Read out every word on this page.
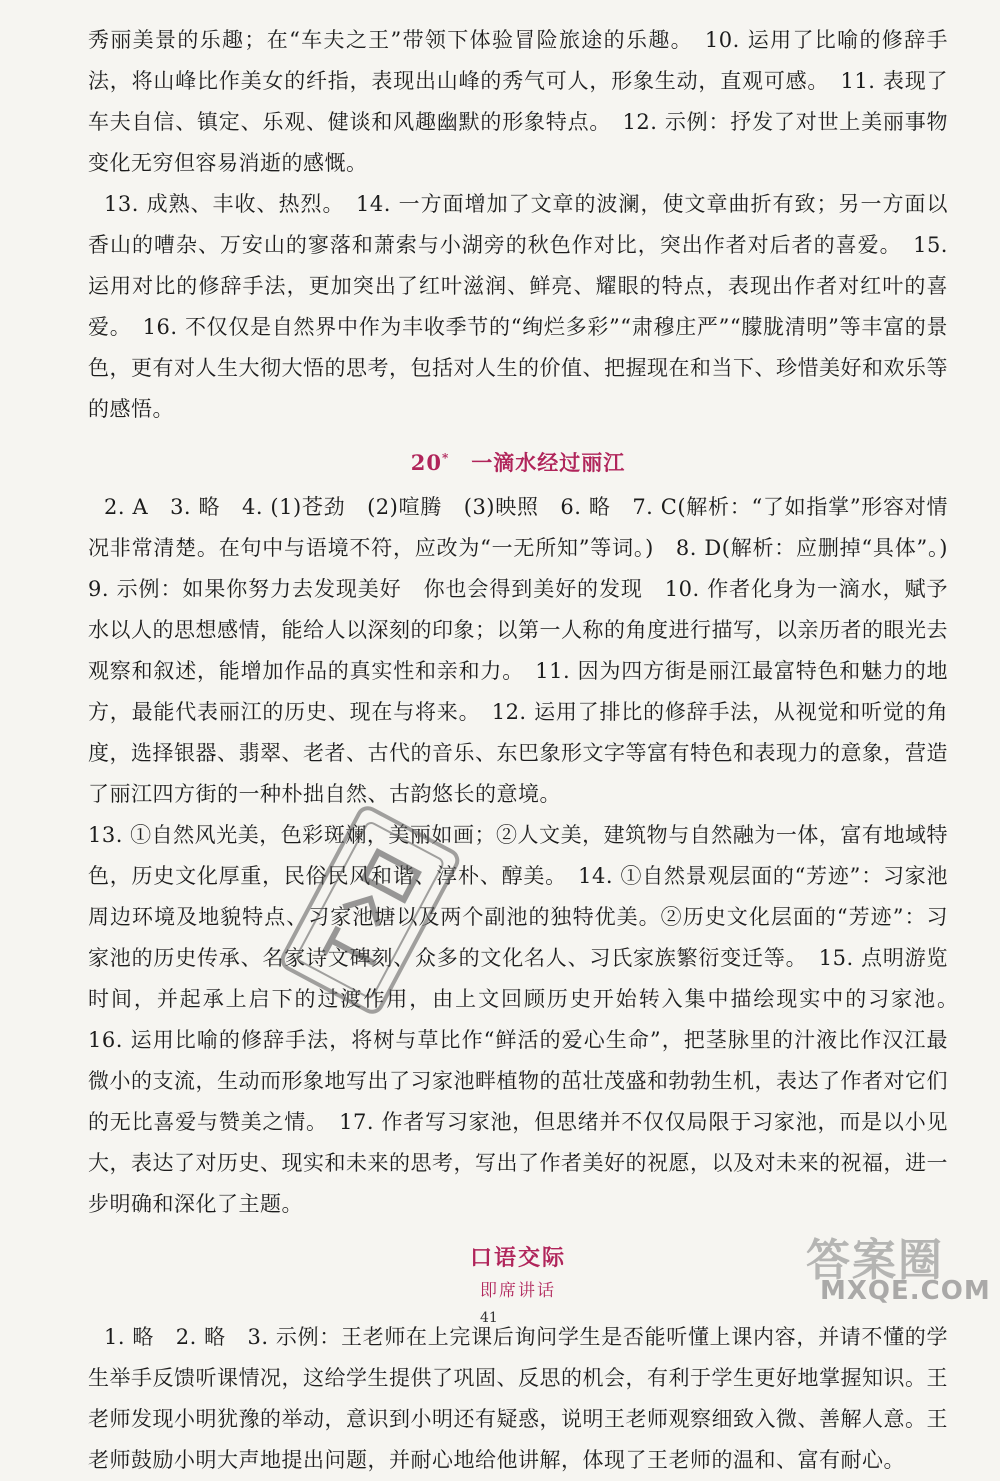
秀丽美景的乐趣；在“车夫之王”带领下体验冒险旅途的乐趣。　10. 运用了比喻的修辞手法，将山峰比作美女的纤指，表现出山峰的秀气可人，形象生动，直观可感。　11. 表现了车夫自信、镇定、乐观、健谈和风趣幽默的形象特点。　12. 示例：抒发了对世上美丽事物变化无穷但容易消逝的感慨。

13. 成熟、丰收、热烈。　14. 一方面增加了文章的波澜，使文章曲折有致；另一方面以香山的嘈杂、万安山的寥落和萧索与小湖旁的秋色作对比，突出作者对后者的喜爱。　15. 运用对比的修辞手法，更加突出了红叶滋润、鲜亮、耀眼的特点，表现出作者对红叶的喜爱。　16. 不仅仅是自然界中作为丰收季节的“绚烂多彩”“肃穆庄严”“朦胧清明”等丰富的景色，更有对人生大彻大悟的思考，包括对人生的价值、把握现在和当下、珍惜美好和欢乐等的感悟。

20*　 一滴水经过丽江

2. A　3. 略　4. (1)苍劲　(2)喧腾　(3)映照　6. 略　7. C(解析：“了如指掌”形容对情况非常清楚。在句中与语境不符，应改为“一无所知”等词。)　8. D(解析：应删掉“具体”。)　9. 示例：如果你努力去发现美好　你也会得到美好的发现　10. 作者化身为一滴水，赋予水以人的思想感情，能给人以深刻的印象；以第一人称的角度进行描写，以亲历者的眼光去观察和叙述，能增加作品的真实性和亲和力。　11. 因为四方街是丽江最富特色和魅力的地方，最能代表丽江的历史、现在与将来。　12. 运用了排比的修辞手法，从视觉和听觉的角度，选择银器、翡翠、老者、古代的音乐、东巴象形文字等富有特色和表现力的意象，营造了丽江四方街的一种朴拙自然、古韵悠长的意境。

13. ①自然风光美，色彩斑斓，美丽如画；②人文美，建筑物与自然融为一体，富有地域特色，历史文化厚重，民俗民风和谐、淳朴、醇美。　14. ①自然景观层面的“芳迹”：习家池周边环境及地貌特点、习家池塘以及两个副池的独特优美。②历史文化层面的“芳迹”：习家池的历史传承、名家诗文碑刻、众多的文化名人、习氏家族繁衍变迁等。　15. 点明游览时间，并起承上启下的过渡作用，由上文回顾历史开始转入集中描绘现实中的习家池。　16. 运用比喻的修辞手法，将树与草比作“鲜活的爱心生命”，把茎脉里的汁液比作汉江最微小的支流，生动而形象地写出了习家池畔植物的茁壮茂盛和勃勃生机，表达了作者对它们的无比喜爱与赞美之情。　17. 作者写习家池，但思绪并不仅仅局限于习家池，而是以小见大，表达了对历史、现实和未来的思考，写出了作者美好的祝愿，以及对未来的祝福，进一步明确和深化了主题。

口语交际
即席讲话

1. 略　2. 略　3. 示例：王老师在上完课后询问学生是否能听懂上课内容，并请不懂的学生举手反馈听课情况，这给学生提供了巩固、反思的机会，有利于学生更好地掌握知识。王老师发现小明犹豫的举动，意识到小明还有疑惑，说明王老师观察细致入微、善解人意。王老师鼓励小明大声地提出问题，并耐心地给他讲解，体现了王老师的温和、富有耐心。

答案圈
MXQE.COM
41
